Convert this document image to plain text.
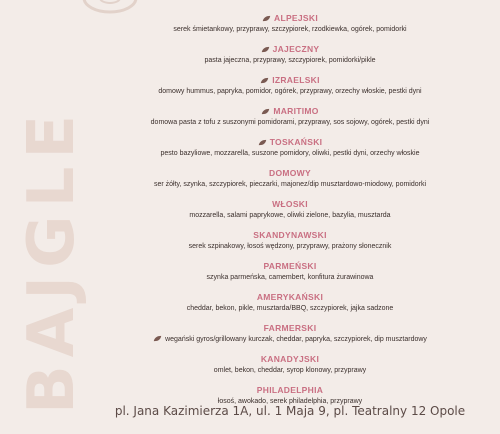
BAJGLE
ALPEJSKI
serek śmietankowy, przyprawy, szczypiorek, rzodkiewka, ogórek, pomidorki
JAJECZNY
pasta jajeczna, przyprawy, szczypiorek, pomidorki/pikle
IZRAELSKI
domowy hummus, papryka, pomidor, ogórek, przyprawy, orzechy włoskie, pestki dyni
MARITIMO
domowa pasta z tofu z suszonymi pomidorami, przyprawy, sos sojowy, ogórek, pestki dyni
TOSKAŃSKI
pesto bazyliowe, mozzarella, suszone pomidory, oliwki, pestki dyni, orzechy włoskie
DOMOWY
ser żółty, szynka, szczypiorek, pieczarki, majonez/dip musztardowo-miodowy, pomidorki
WŁOSKI
mozzarella, salami paprykowe, oliwki zielone, bazylia, musztarda
SKANDYNAWSKI
serek szpinakowy, łosoś wędzony, przyprawy, prażony słonecznik
PARMEŃSKI
szynka parmeńska, camembert, konfitura żurawinowa
AMERYKAŃSKI
cheddar, bekon, pikle, musztarda/BBQ, szczypiorek, jajka sadzone
FARMERSKI
wegański gyros/grillowany kurczak, cheddar, papryka, szczypiorek, dip musztardowy
KANADYJSKI
omlet, bekon, cheddar, syrop klonowy, przyprawy
PHILADELPHIA
łosoś, awokado, serek philadelphia, przyprawy
pl. Jana Kazimierza 1A, ul. 1 Maja 9, pl. Teatralny 12 Opole
